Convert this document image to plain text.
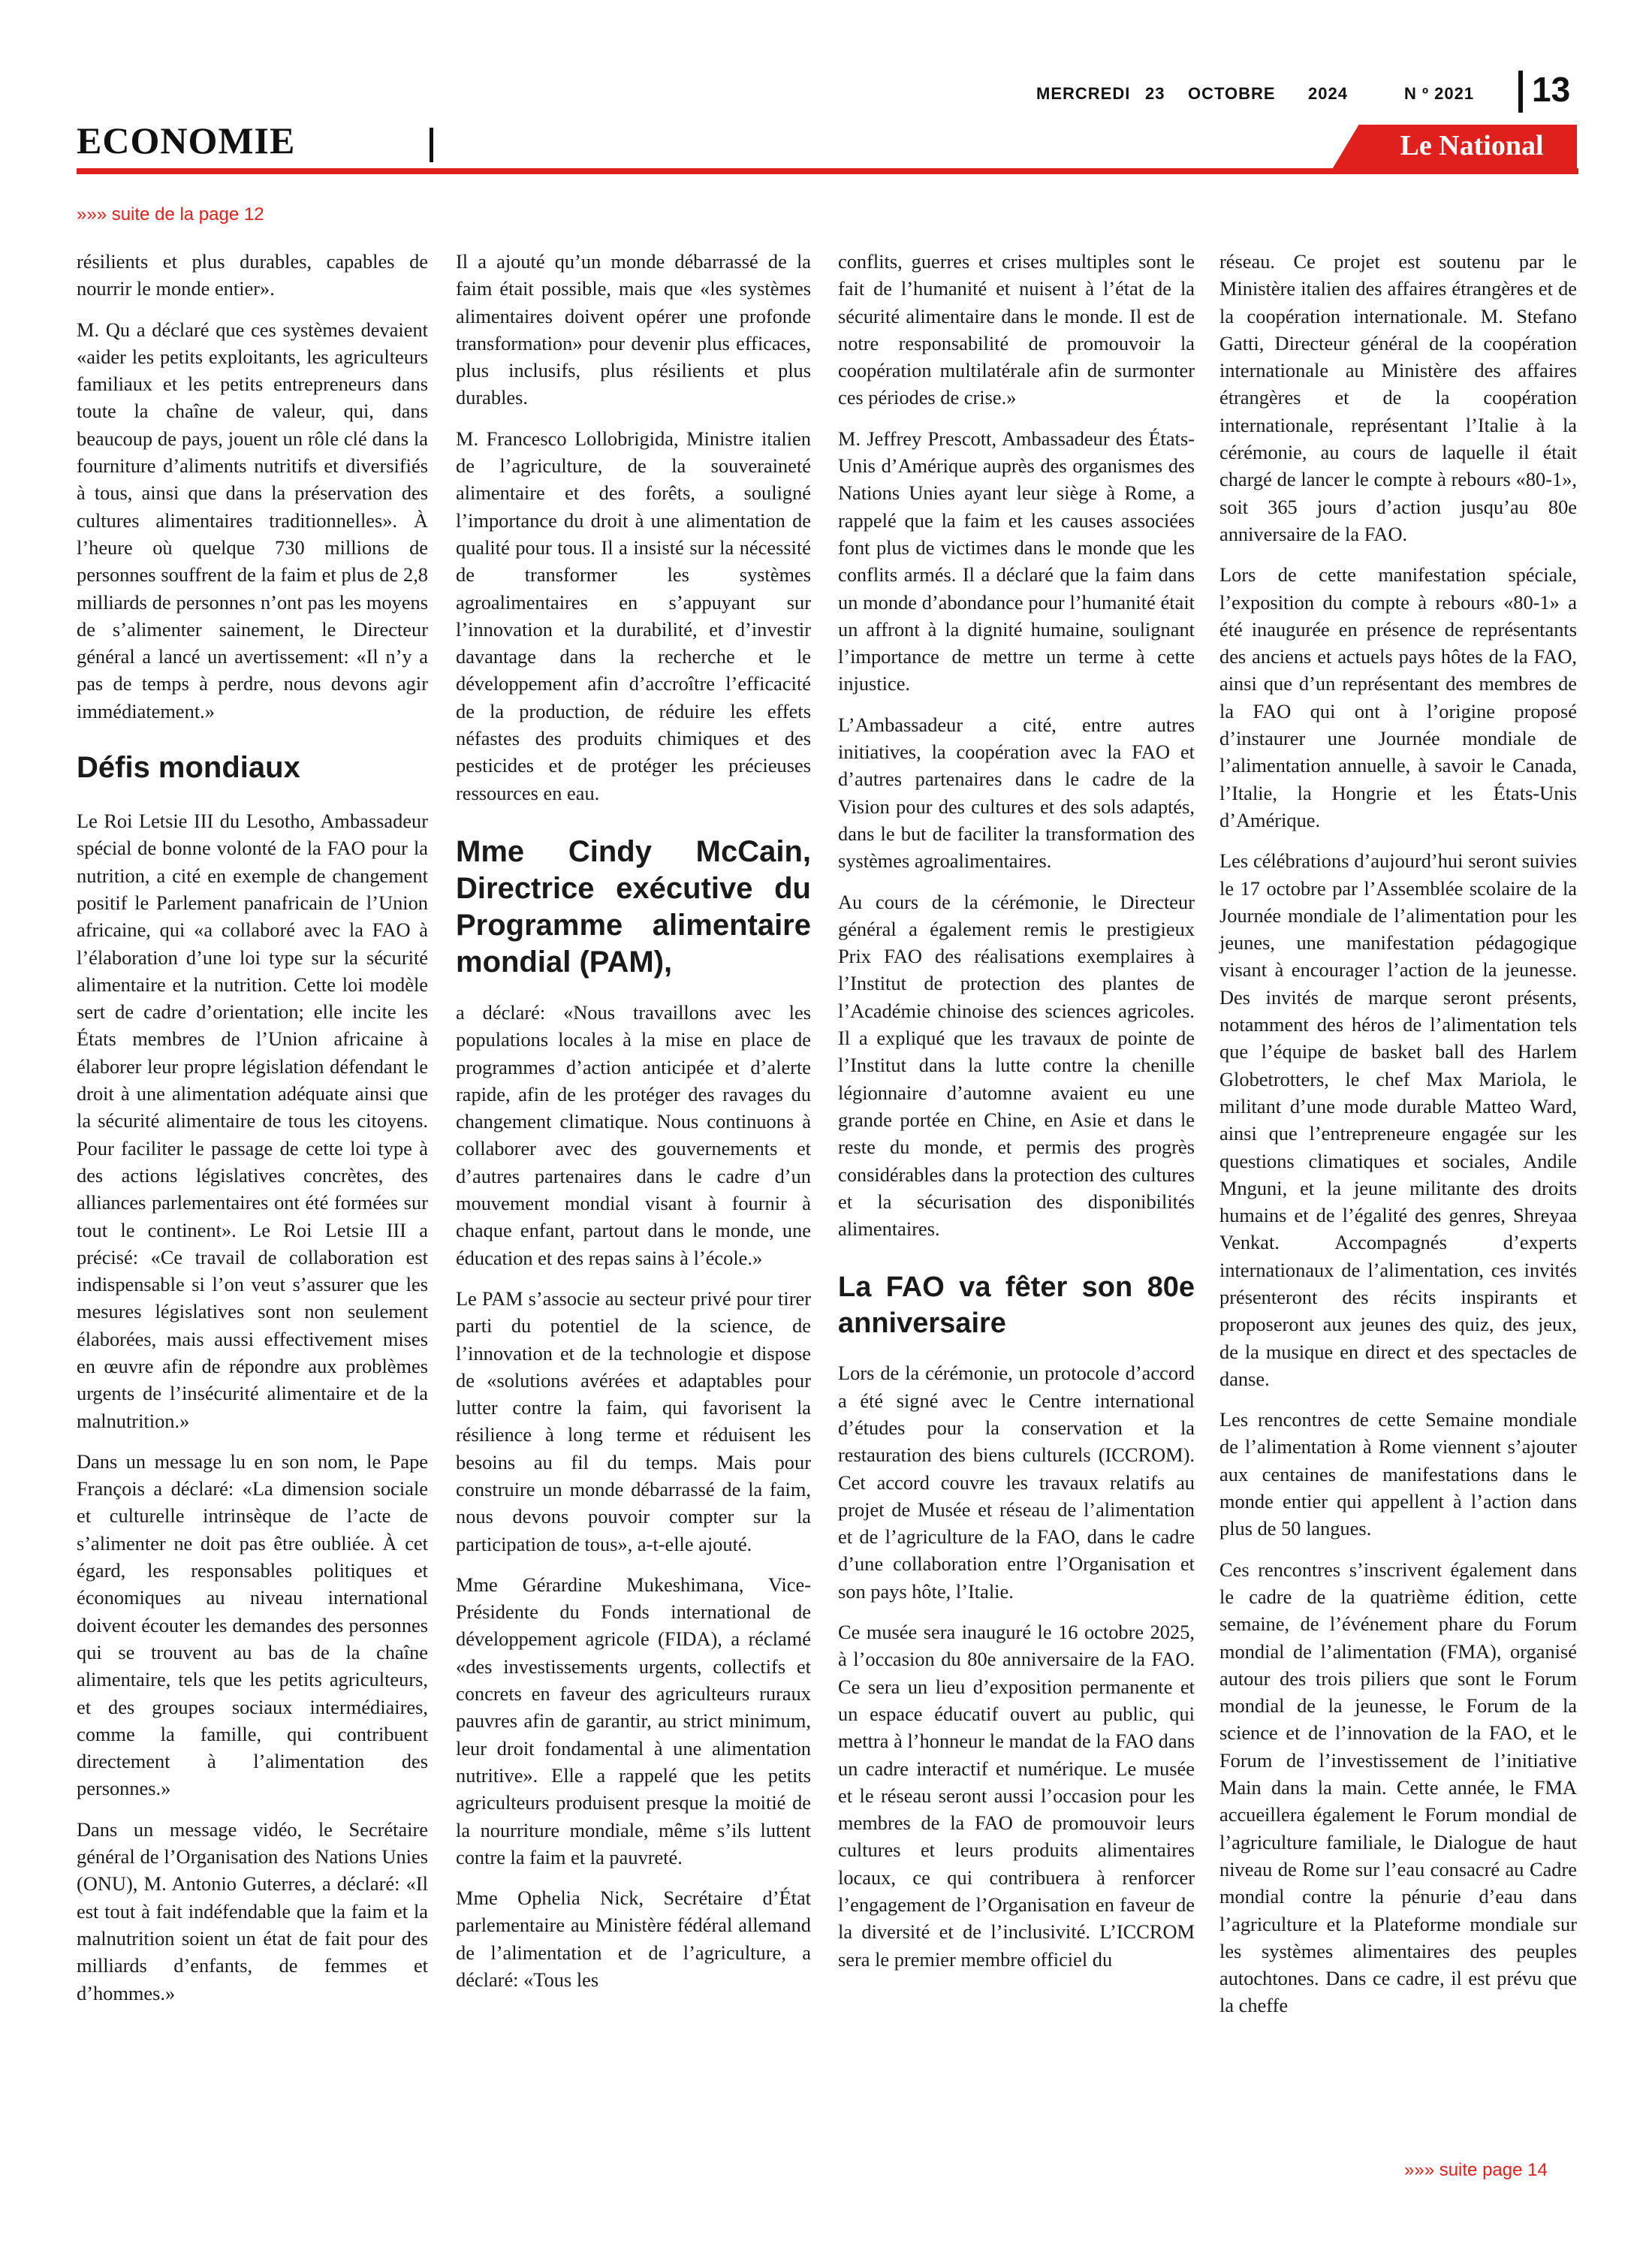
MERCREDI 23 OCTOBRE 2024	N º 2021 13
ECONOMIE	Le National
»»» suite de la page 12

résilients et plus durables, capables de nourrir le monde entier».

M. Qu a déclaré que ces systèmes devaient «aider les petits exploitants, les agriculteurs familiaux et les petits entrepreneurs dans toute la chaîne de valeur, qui, dans beaucoup de pays, jouent un rôle clé dans la fourniture d’aliments nutritifs et diversifiés à tous, ainsi que dans la préservation des cultures alimentaires traditionnelles». À l’heure où quelque 730 millions de personnes souffrent de la faim et plus de 2,8 milliards de personnes n’ont pas les moyens de s’alimenter sainement, le Directeur général a lancé un avertissement: «Il n’y a pas de temps à perdre, nous devons agir immédiatement.»

Défis mondiaux

Le Roi Letsie III du Lesotho, Ambassadeur spécial de bonne volonté de la FAO pour la nutrition, a cité en exemple de changement positif le Parlement panafricain de l’Union africaine, qui «a collaboré avec la FAO à l’élaboration d’une loi type sur la sécurité alimentaire et la nutrition. Cette loi modèle sert de cadre d’orientation; elle incite les États membres de l’Union africaine à élaborer leur propre législation défendant le droit à une alimentation adéquate ainsi que la sécurité alimentaire de tous les citoyens. Pour faciliter le passage de cette loi type à des actions législatives concrètes, des alliances parlementaires ont été formées sur tout le continent». Le Roi Letsie III a précisé: «Ce travail de collaboration est indispensable si l’on veut s’assurer que les mesures législatives sont non seulement élaborées, mais aussi effectivement mises en œuvre afin de répondre aux problèmes urgents de l’insécurité alimentaire et de la malnutrition.»

Dans un message lu en son nom, le Pape François a déclaré: «La dimension sociale et culturelle intrinsèque de l’acte de s’alimenter ne doit pas être oubliée. À cet égard, les responsables politiques et économiques au niveau international doivent écouter les demandes des personnes qui se trouvent au bas de la chaîne alimentaire, tels que les petits agriculteurs, et des groupes sociaux intermédiaires, comme la famille, qui contribuent directement à l’alimentation des personnes.»

Dans un message vidéo, le Secrétaire général de l’Organisation des Nations Unies (ONU), M. Antonio Guterres, a déclaré: «Il est tout à fait indéfendable que la faim et la malnutrition soient un état de fait pour des milliards d’enfants, de femmes et d’hommes.»

Il a ajouté qu’un monde débarrassé de la faim était possible, mais que «les systèmes alimentaires doivent opérer une profonde transformation» pour devenir plus efficaces, plus inclusifs, plus résilients et plus durables.

M. Francesco Lollobrigida, Ministre italien de l’agriculture, de la souveraineté alimentaire et des forêts, a souligné l’importance du droit à une alimentation de qualité pour tous. Il a insisté sur la nécessité de transformer les systèmes agroalimentaires en s’appuyant sur l’innovation et la durabilité, et d’investir davantage dans la recherche et le développement afin d’accroître l’efficacité de la production, de réduire les effets néfastes des produits chimiques et des pesticides et de protéger les précieuses ressources en eau.

Mme Cindy McCain, Directrice exécutive du Programme alimentaire mondial (PAM),

a déclaré: «Nous travaillons avec les populations locales à la mise en place de programmes d’action anticipée et d’alerte rapide, afin de les protéger des ravages du changement climatique. Nous continuons à collaborer avec des gouvernements et d’autres partenaires dans le cadre d’un mouvement mondial visant à fournir à chaque enfant, partout dans le monde, une éducation et des repas sains à l’école.»

Le PAM s’associe au secteur privé pour tirer parti du potentiel de la science, de l’innovation et de la technologie et dispose de «solutions avérées et adaptables pour lutter contre la faim, qui favorisent la résilience à long terme et réduisent les besoins au fil du temps. Mais pour construire un monde débarrassé de la faim, nous devons pouvoir compter sur la participation de tous», a-t-elle ajouté.

Mme Gérardine Mukeshimana, Vice-Présidente du Fonds international de développement agricole (FIDA), a réclamé «des investissements urgents, collectifs et concrets en faveur des agriculteurs ruraux pauvres afin de garantir, au strict minimum, leur droit fondamental à une alimentation nutritive». Elle a rappelé que les petits agriculteurs produisent presque la moitié de la nourriture mondiale, même s’ils luttent contre la faim et la pauvreté.

Mme Ophelia Nick, Secrétaire d’État parlementaire au Ministère fédéral allemand de l’alimentation et de l’agriculture, a déclaré: «Tous les

conflits, guerres et crises multiples sont le fait de l’humanité et nuisent à l’état de la sécurité alimentaire dans le monde. Il est de notre responsabilité de promouvoir la coopération multilatérale afin de surmonter ces périodes de crise.»

M. Jeffrey Prescott, Ambassadeur des États-Unis d’Amérique auprès des organismes des Nations Unies ayant leur siège à Rome, a rappelé que la faim et les causes associées font plus de victimes dans le monde que les conflits armés. Il a déclaré que la faim dans un monde d’abondance pour l’humanité était un affront à la dignité humaine, soulignant l’importance de mettre un terme à cette injustice.

L’Ambassadeur a cité, entre autres initiatives, la coopération avec la FAO et d’autres partenaires dans le cadre de la Vision pour des cultures et des sols adaptés, dans le but de faciliter la transformation des systèmes agroalimentaires.

Au cours de la cérémonie, le Directeur général a également remis le prestigieux Prix FAO des réalisations exemplaires à l’Institut de protection des plantes de l’Académie chinoise des sciences agricoles. Il a expliqué que les travaux de pointe de l’Institut dans la lutte contre la chenille légionnaire d’automne avaient eu une grande portée en Chine, en Asie et dans le reste du monde, et permis des progrès considérables dans la protection des cultures et la sécurisation des disponibilités alimentaires.

La FAO va fêter son 80e anniversaire

Lors de la cérémonie, un protocole d’accord a été signé avec le Centre international d’études pour la conservation et la restauration des biens culturels (ICCROM). Cet accord couvre les travaux relatifs au projet de Musée et réseau de l’alimentation et de l’agriculture de la FAO, dans le cadre d’une collaboration entre l’Organisation et son pays hôte, l’Italie.

Ce musée sera inauguré le 16 octobre 2025, à l’occasion du 80e anniversaire de la FAO. Ce sera un lieu d’exposition permanente et un espace éducatif ouvert au public, qui mettra à l’honneur le mandat de la FAO dans un cadre interactif et numérique. Le musée et le réseau seront aussi l’occasion pour les membres de la FAO de promouvoir leurs cultures et leurs produits alimentaires locaux, ce qui contribuera à renforcer l’engagement de l’Organisation en faveur de la diversité et de l’inclusivité. L’ICCROM sera le premier membre officiel du

réseau. Ce projet est soutenu par le Ministère italien des affaires étrangères et de la coopération internationale. M. Stefano Gatti, Directeur général de la coopération internationale au Ministère des affaires étrangères et de la coopération internationale, représentant l’Italie à la cérémonie, au cours de laquelle il était chargé de lancer le compte à rebours «80-1», soit 365 jours d’action jusqu’au 80e anniversaire de la FAO.

Lors de cette manifestation spéciale, l’exposition du compte à rebours «80-1» a été inaugurée en présence de représentants des anciens et actuels pays hôtes de la FAO, ainsi que d’un représentant des membres de la FAO qui ont à l’origine proposé d’instaurer une Journée mondiale de l’alimentation annuelle, à savoir le Canada, l’Italie, la Hongrie et les États-Unis d’Amérique.

Les célébrations d’aujourd’hui seront suivies le 17 octobre par l’Assemblée scolaire de la Journée mondiale de l’alimentation pour les jeunes, une manifestation pédagogique visant à encourager l’action de la jeunesse. Des invités de marque seront présents, notamment des héros de l’alimentation tels que l’équipe de basket ball des Harlem Globetrotters, le chef Max Mariola, le militant d’une mode durable Matteo Ward, ainsi que l’entrepreneure engagée sur les questions climatiques et sociales, Andile Mnguni, et la jeune militante des droits humains et de l’égalité des genres, Shreyaa Venkat. Accompagnés d’experts internationaux de l’alimentation, ces invités présenteront des récits inspirants et proposeront aux jeunes des quiz, des jeux, de la musique en direct et des spectacles de danse.

Les rencontres de cette Semaine mondiale de l’alimentation à Rome viennent s’ajouter aux centaines de manifestations dans le monde entier qui appellent à l’action dans plus de 50 langues.

Ces rencontres s’inscrivent également dans le cadre de la quatrième édition, cette semaine, de l’événement phare du Forum mondial de l’alimentation (FMA), organisé autour des trois piliers que sont le Forum mondial de la jeunesse, le Forum de la science et de l’innovation de la FAO, et le Forum de l’investissement de l’initiative Main dans la main. Cette année, le FMA accueillera également le Forum mondial de l’agriculture familiale, le Dialogue de haut niveau de Rome sur l’eau consacré au Cadre mondial contre la pénurie d’eau dans l’agriculture et la Plateforme mondiale sur les systèmes alimentaires des peuples autochtones. Dans ce cadre, il est prévu que la cheffe

»»» suite page 14
